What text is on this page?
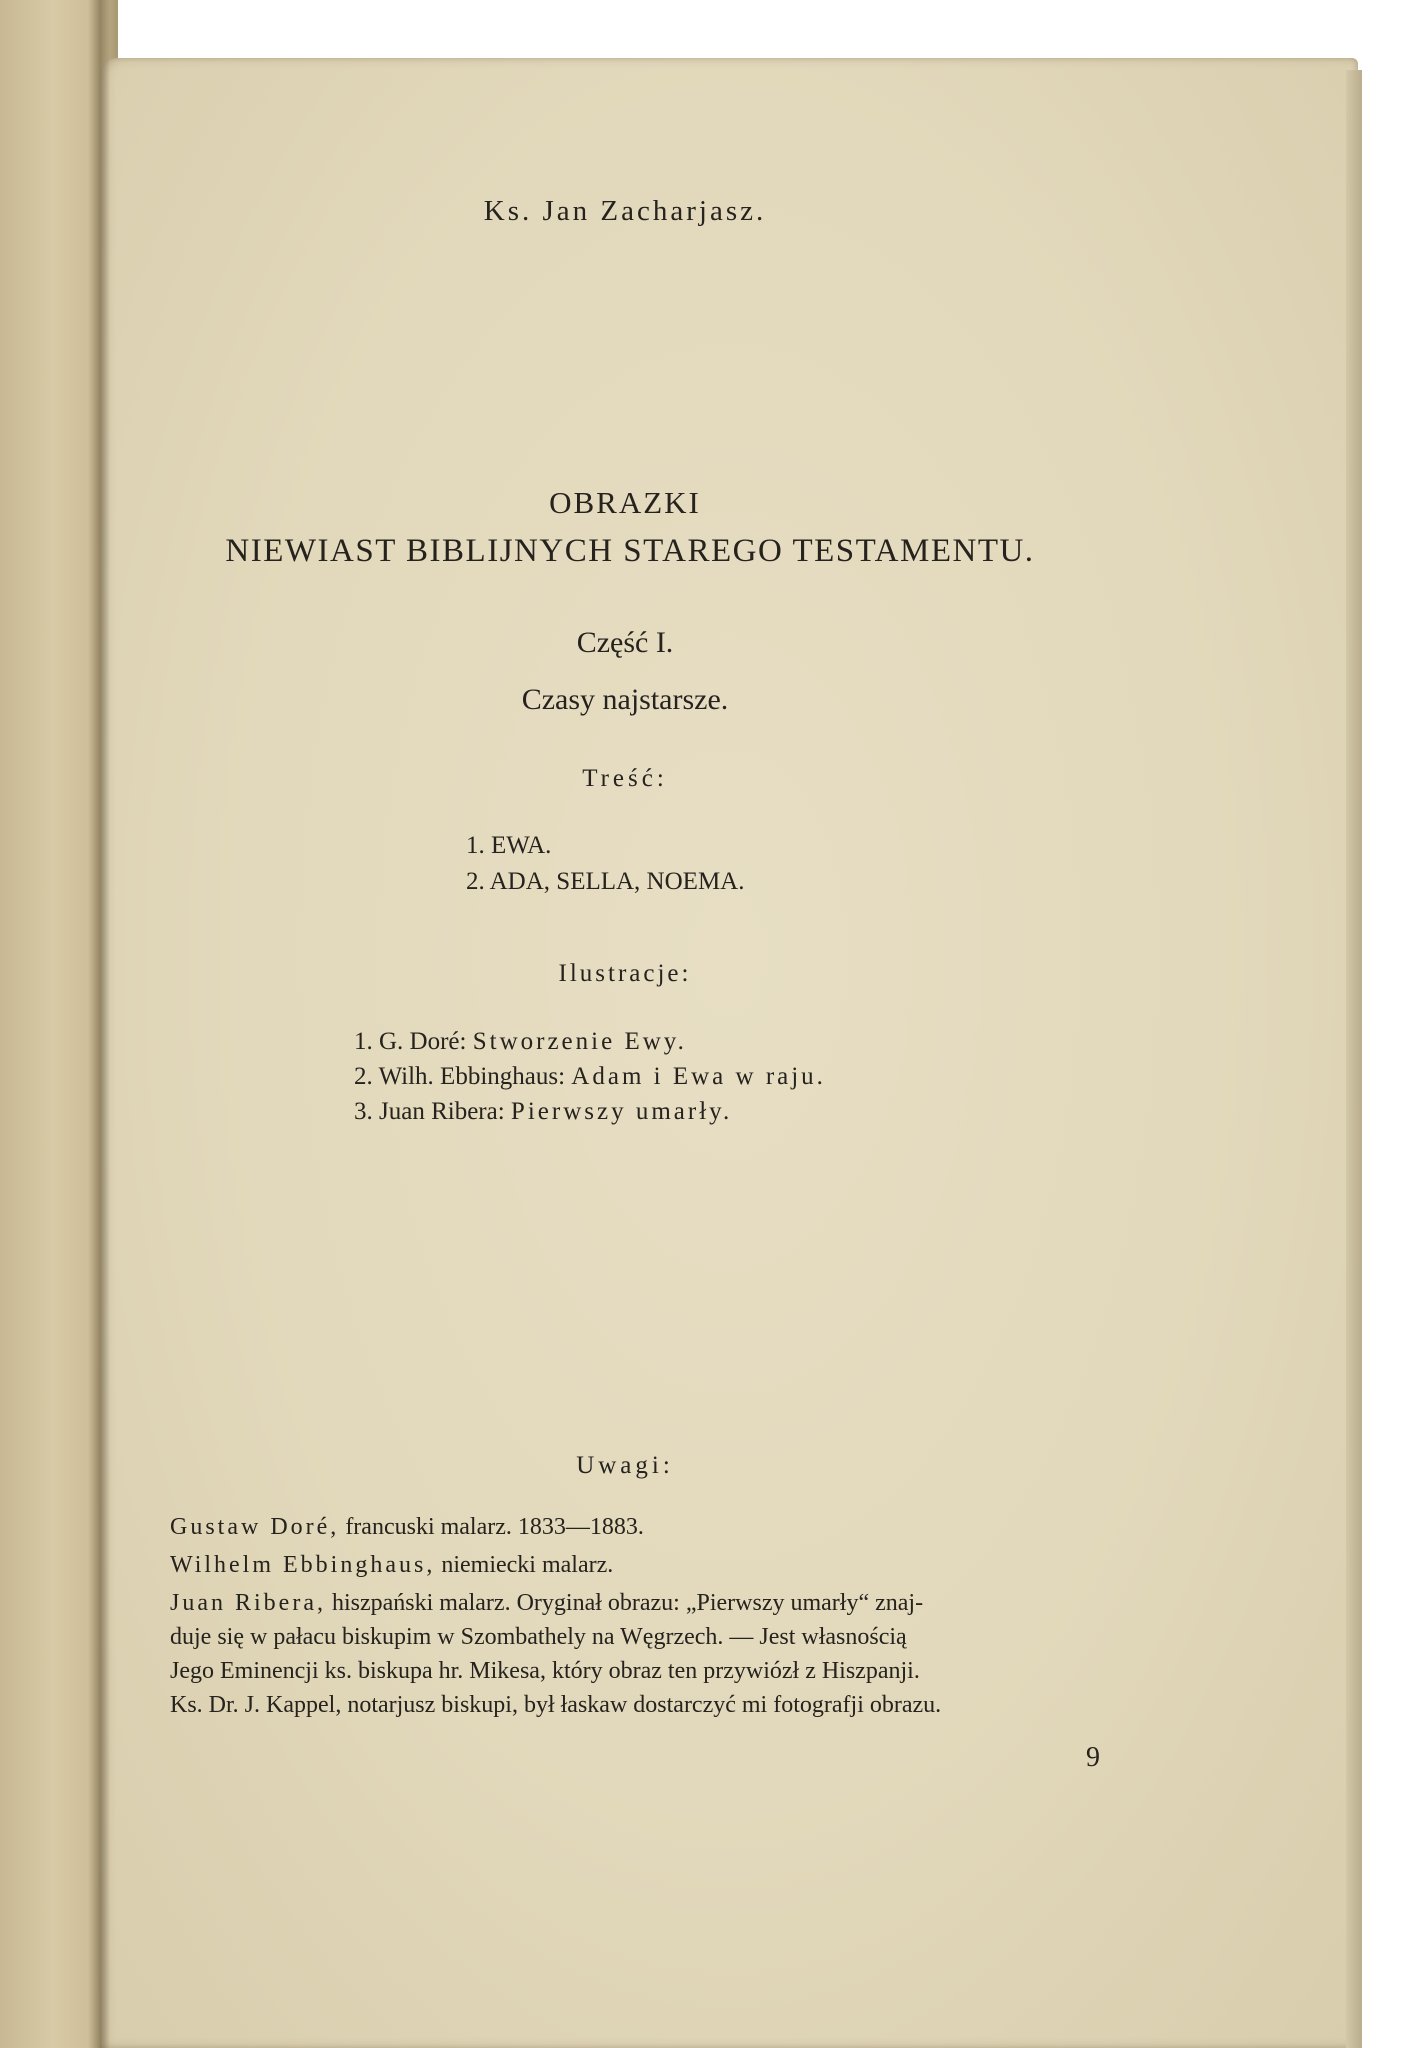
Ks. Jan Zacharjasz.
OBRAZKI
NIEWIAST BIBLIJNYCH STAREGO TESTAMENTU.
Część I.
Czasy najstarsze.
Treść:
1. EWA.
2. ADA, SELLA, NOEMA.
Ilustracje:
1. G. Doré: Stworzenie Ewy.
2. Wilh. Ebbinghaus: Adam i Ewa w raju.
3. Juan Ribera: Pierwszy umarły.
Uwagi:

Gustaw Doré, francuski malarz. 1833—1883.

Wilhelm Ebbinghaus, niemiecki malarz.

Juan Ribera, hiszpański malarz. Oryginał obrazu: „Pierwszy umarły“ znaj-

duje się w pałacu biskupim w Szombathely na Węgrzech. — Jest własnością

Jego Eminencji ks. biskupa hr. Mikesa, który obraz ten przywiózł z Hiszpanji.

Ks. Dr. J. Kappel, notarjusz biskupi, był łaskaw dostarczyć mi fotografji obrazu.

9
